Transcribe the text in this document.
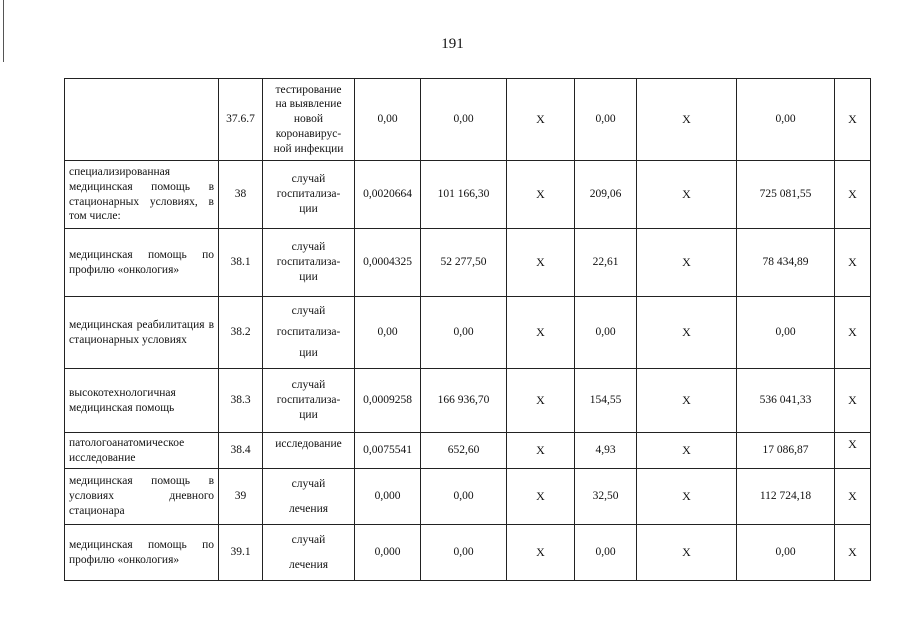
191
	37.6.7	тестирование
на выявление
новой
коронавирус-
ной инфекции	0,00	0,00	X	0,00	X	0,00	X
специализированная медицинская помощь в стационарных условиях, в том числе:	38	случай
госпитализа-
ции	0,0020664	101 166,30	X	209,06	X	725 081,55	X
медицинская помощь по профилю «онкология»	38.1	случай
госпитализа-
ции	0,0004325	52 277,50	X	22,61	X	78 434,89	X
медицинская реабилитация в стационарных условиях	38.2	случай
госпитализа-
ции	0,00	0,00	X	0,00	X	0,00	X
высокотехнологичная медицинская помощь	38.3	случай
госпитализа-
ции	0,0009258	166 936,70	X	154,55	X	536 041,33	X
патологоанатомическое исследование	38.4	исследование	0,0075541	652,60	X	4,93	X	17 086,87	X
медицинская помощь в условиях дневного стационара	39	случай
лечения	0,000	0,00	X	32,50	X	112 724,18	X
медицинская помощь по профилю «онкология»	39.1	случай
лечения	0,000	0,00	X	0,00	X	0,00	X
